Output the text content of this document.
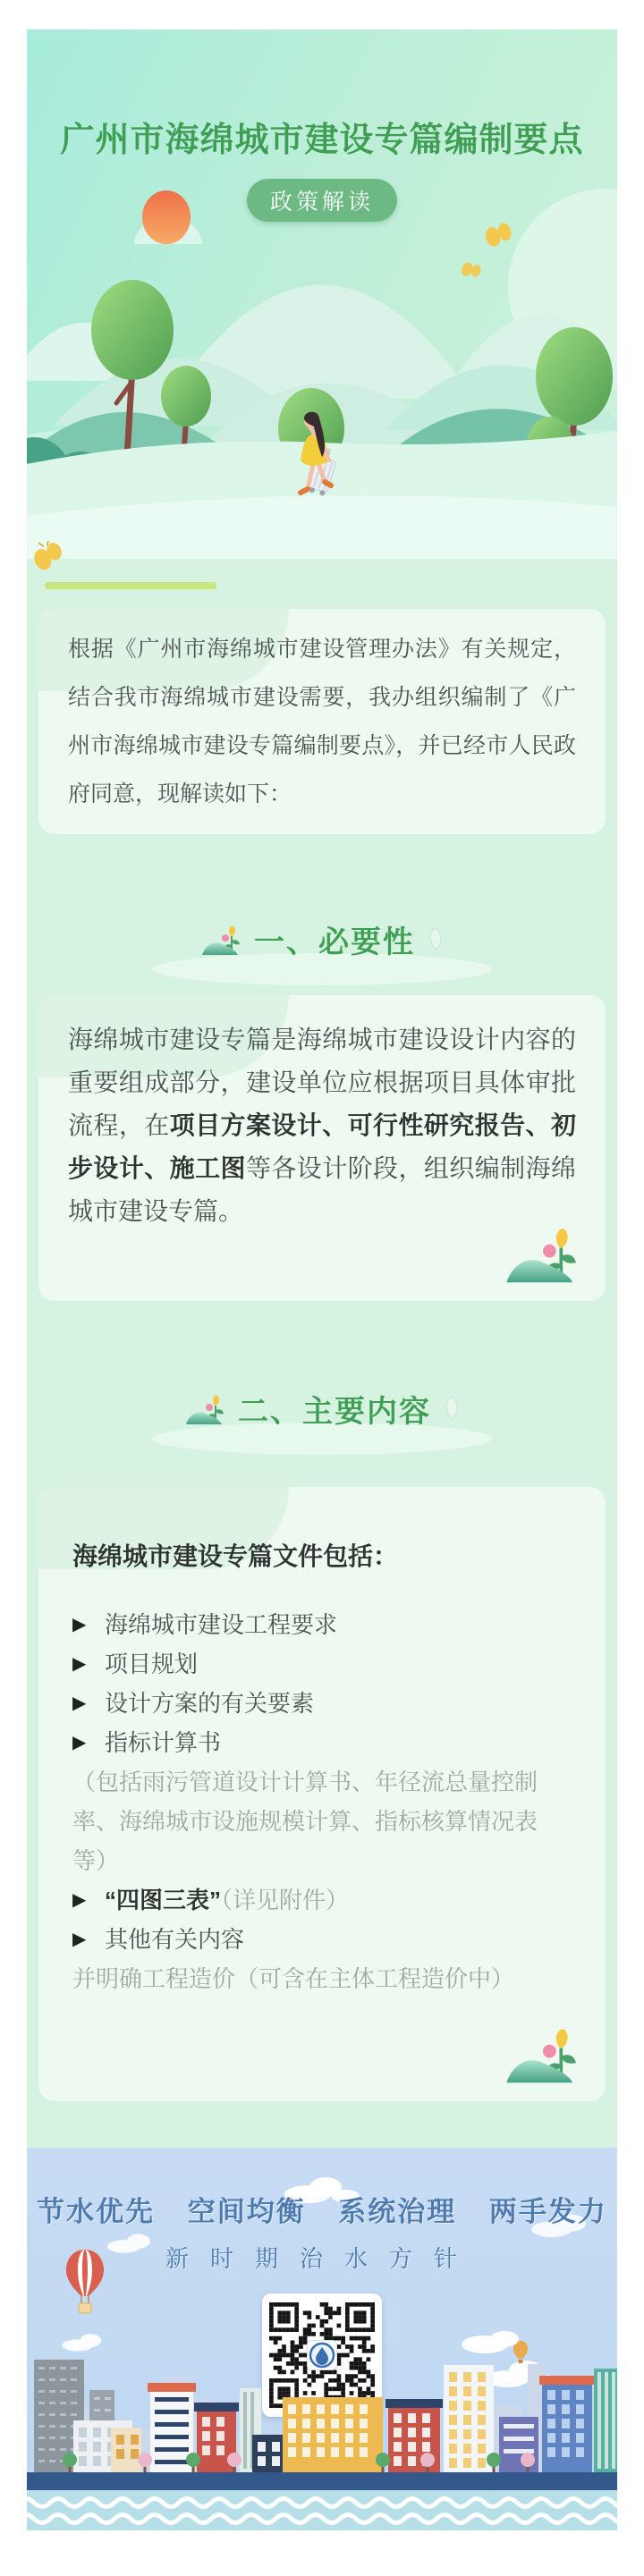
广州市海绵城市建设专篇编制要点
政策解读

根据《广州市海绵城市建设管理办法》有关规定，结合我市海绵城市建设需要，我办组织编制了《广州市海绵城市建设专篇编制要点》，并已经市人民政府同意，现解读如下：

一、必要性

海绵城市建设专篇是海绵城市建设设计内容的重要组成部分，建设单位应根据项目具体审批流程，在项目方案设计、可行性研究报告、初步设计、施工图等各设计阶段，组织编制海绵城市建设专篇。

二、主要内容
海绵城市建设专篇文件包括：
▶ 海绵城市建设工程要求
▶ 项目规划
▶ 设计方案的有关要素
▶ 指标计算书
（包括雨污管道设计计算书、年径流总量控制率、海绵城市设施规模计算、指标核算情况表等）
▶ “四图三表”（详见附件）
▶ 其他有关内容
并明确工程造价（可含在主体工程造价中）

节水优先 空间均衡 系统治理 两手发力

新时期治水方针
